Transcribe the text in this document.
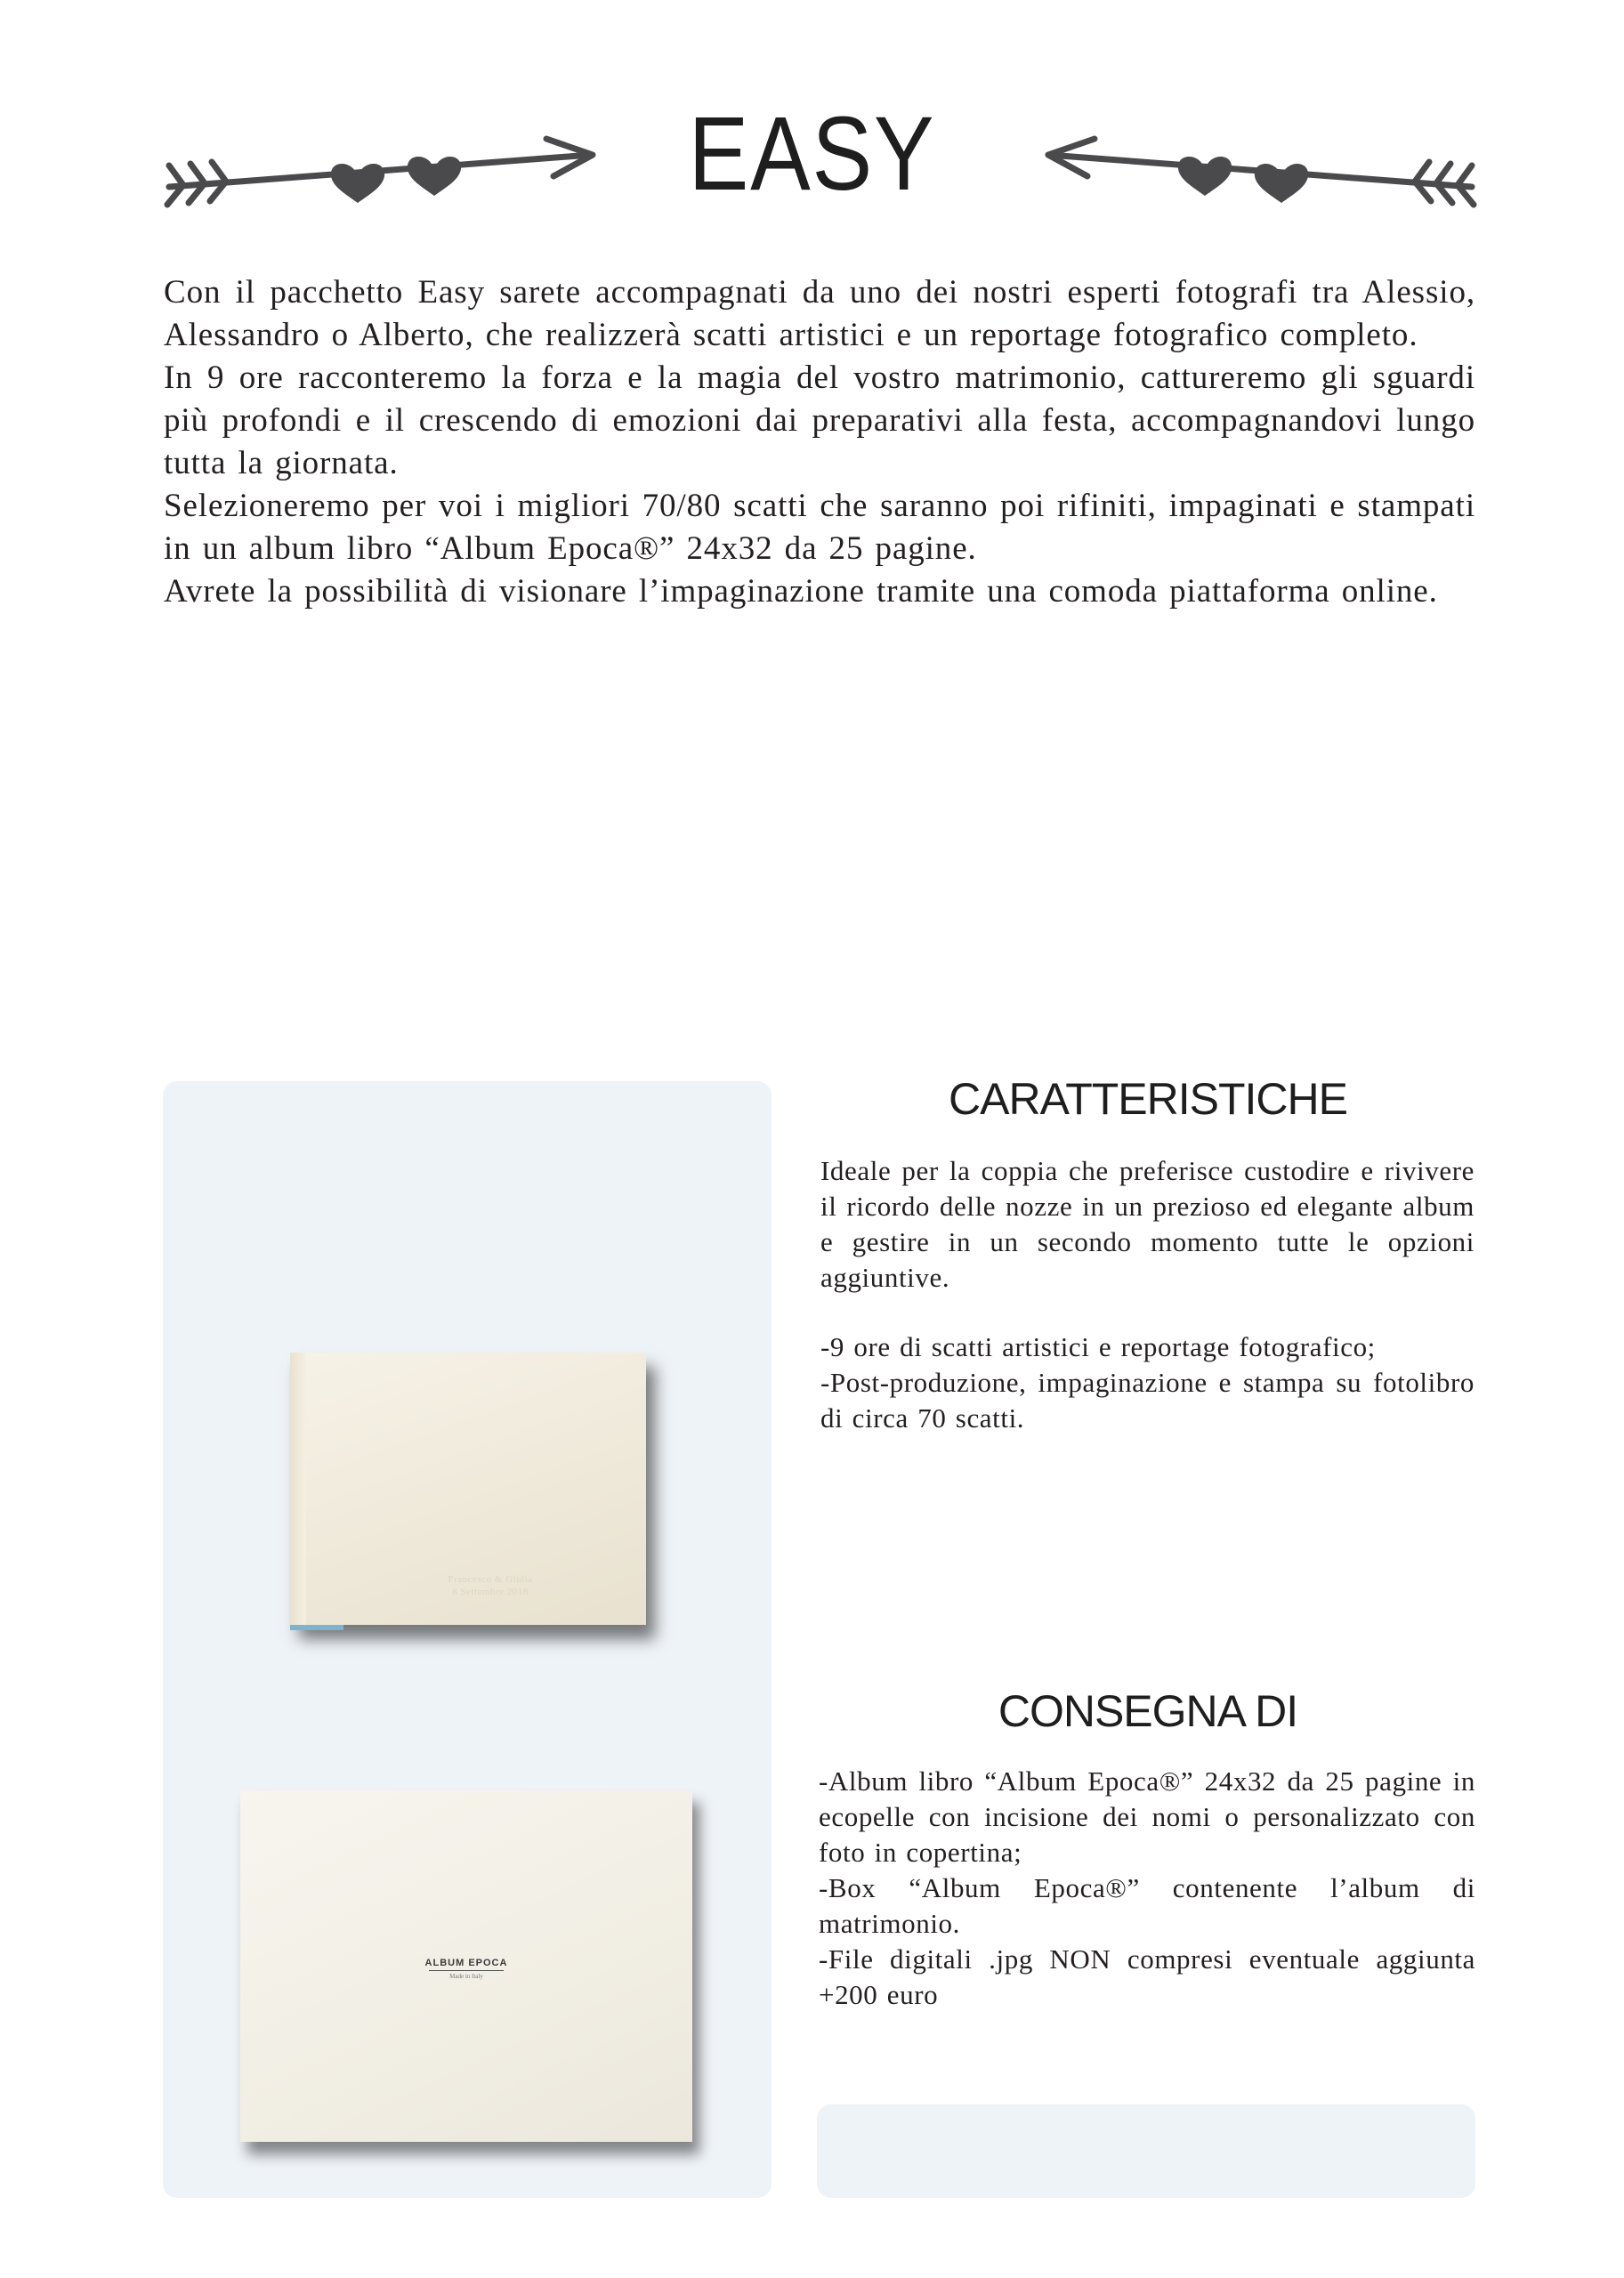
EASY

Con il pacchetto Easy sarete accompagnati da uno dei nostri esperti fotografi tra Alessio, Alessandro o Alberto, che realizzerà scatti artistici e un reportage fotografico completo.

In 9 ore racconteremo la forza e la magia del vostro matrimonio, cattureremo gli sguardi più profondi e il crescendo di emozioni dai preparativi alla festa, accompagnandovi lungo tutta la giornata.

Selezioneremo per voi i migliori 70/80 scatti che saranno poi rifiniti, impaginati e stampati in un album libro “Album Epoca®” 24x32 da 25 pagine.

Avrete la possibilità di visionare l’impaginazione tramite una comoda piattaforma online.

Francesco & Giulia
8 Settembre 2018
ALBUM EPOCA
Made in Italy
CARATTERISTICHE

Ideale per la coppia che preferisce custodire e rivivere il ricordo delle nozze in un prezioso ed elegante album e gestire in un secondo momento tutte le opzioni aggiuntive.

-9 ore di scatti artistici e reportage fotografico;

-Post-produzione, impaginazione e stampa su fotolibro di circa 70 scatti.

CONSEGNA DI

-Album libro “Album Epoca®” 24x32 da 25 pagine in ecopelle con incisione dei nomi o personalizzato con foto in copertina;

-Box “Album Epoca®” contenente l’album di matrimonio.

-File digitali .jpg NON compresi eventuale aggiunta +200 euro
